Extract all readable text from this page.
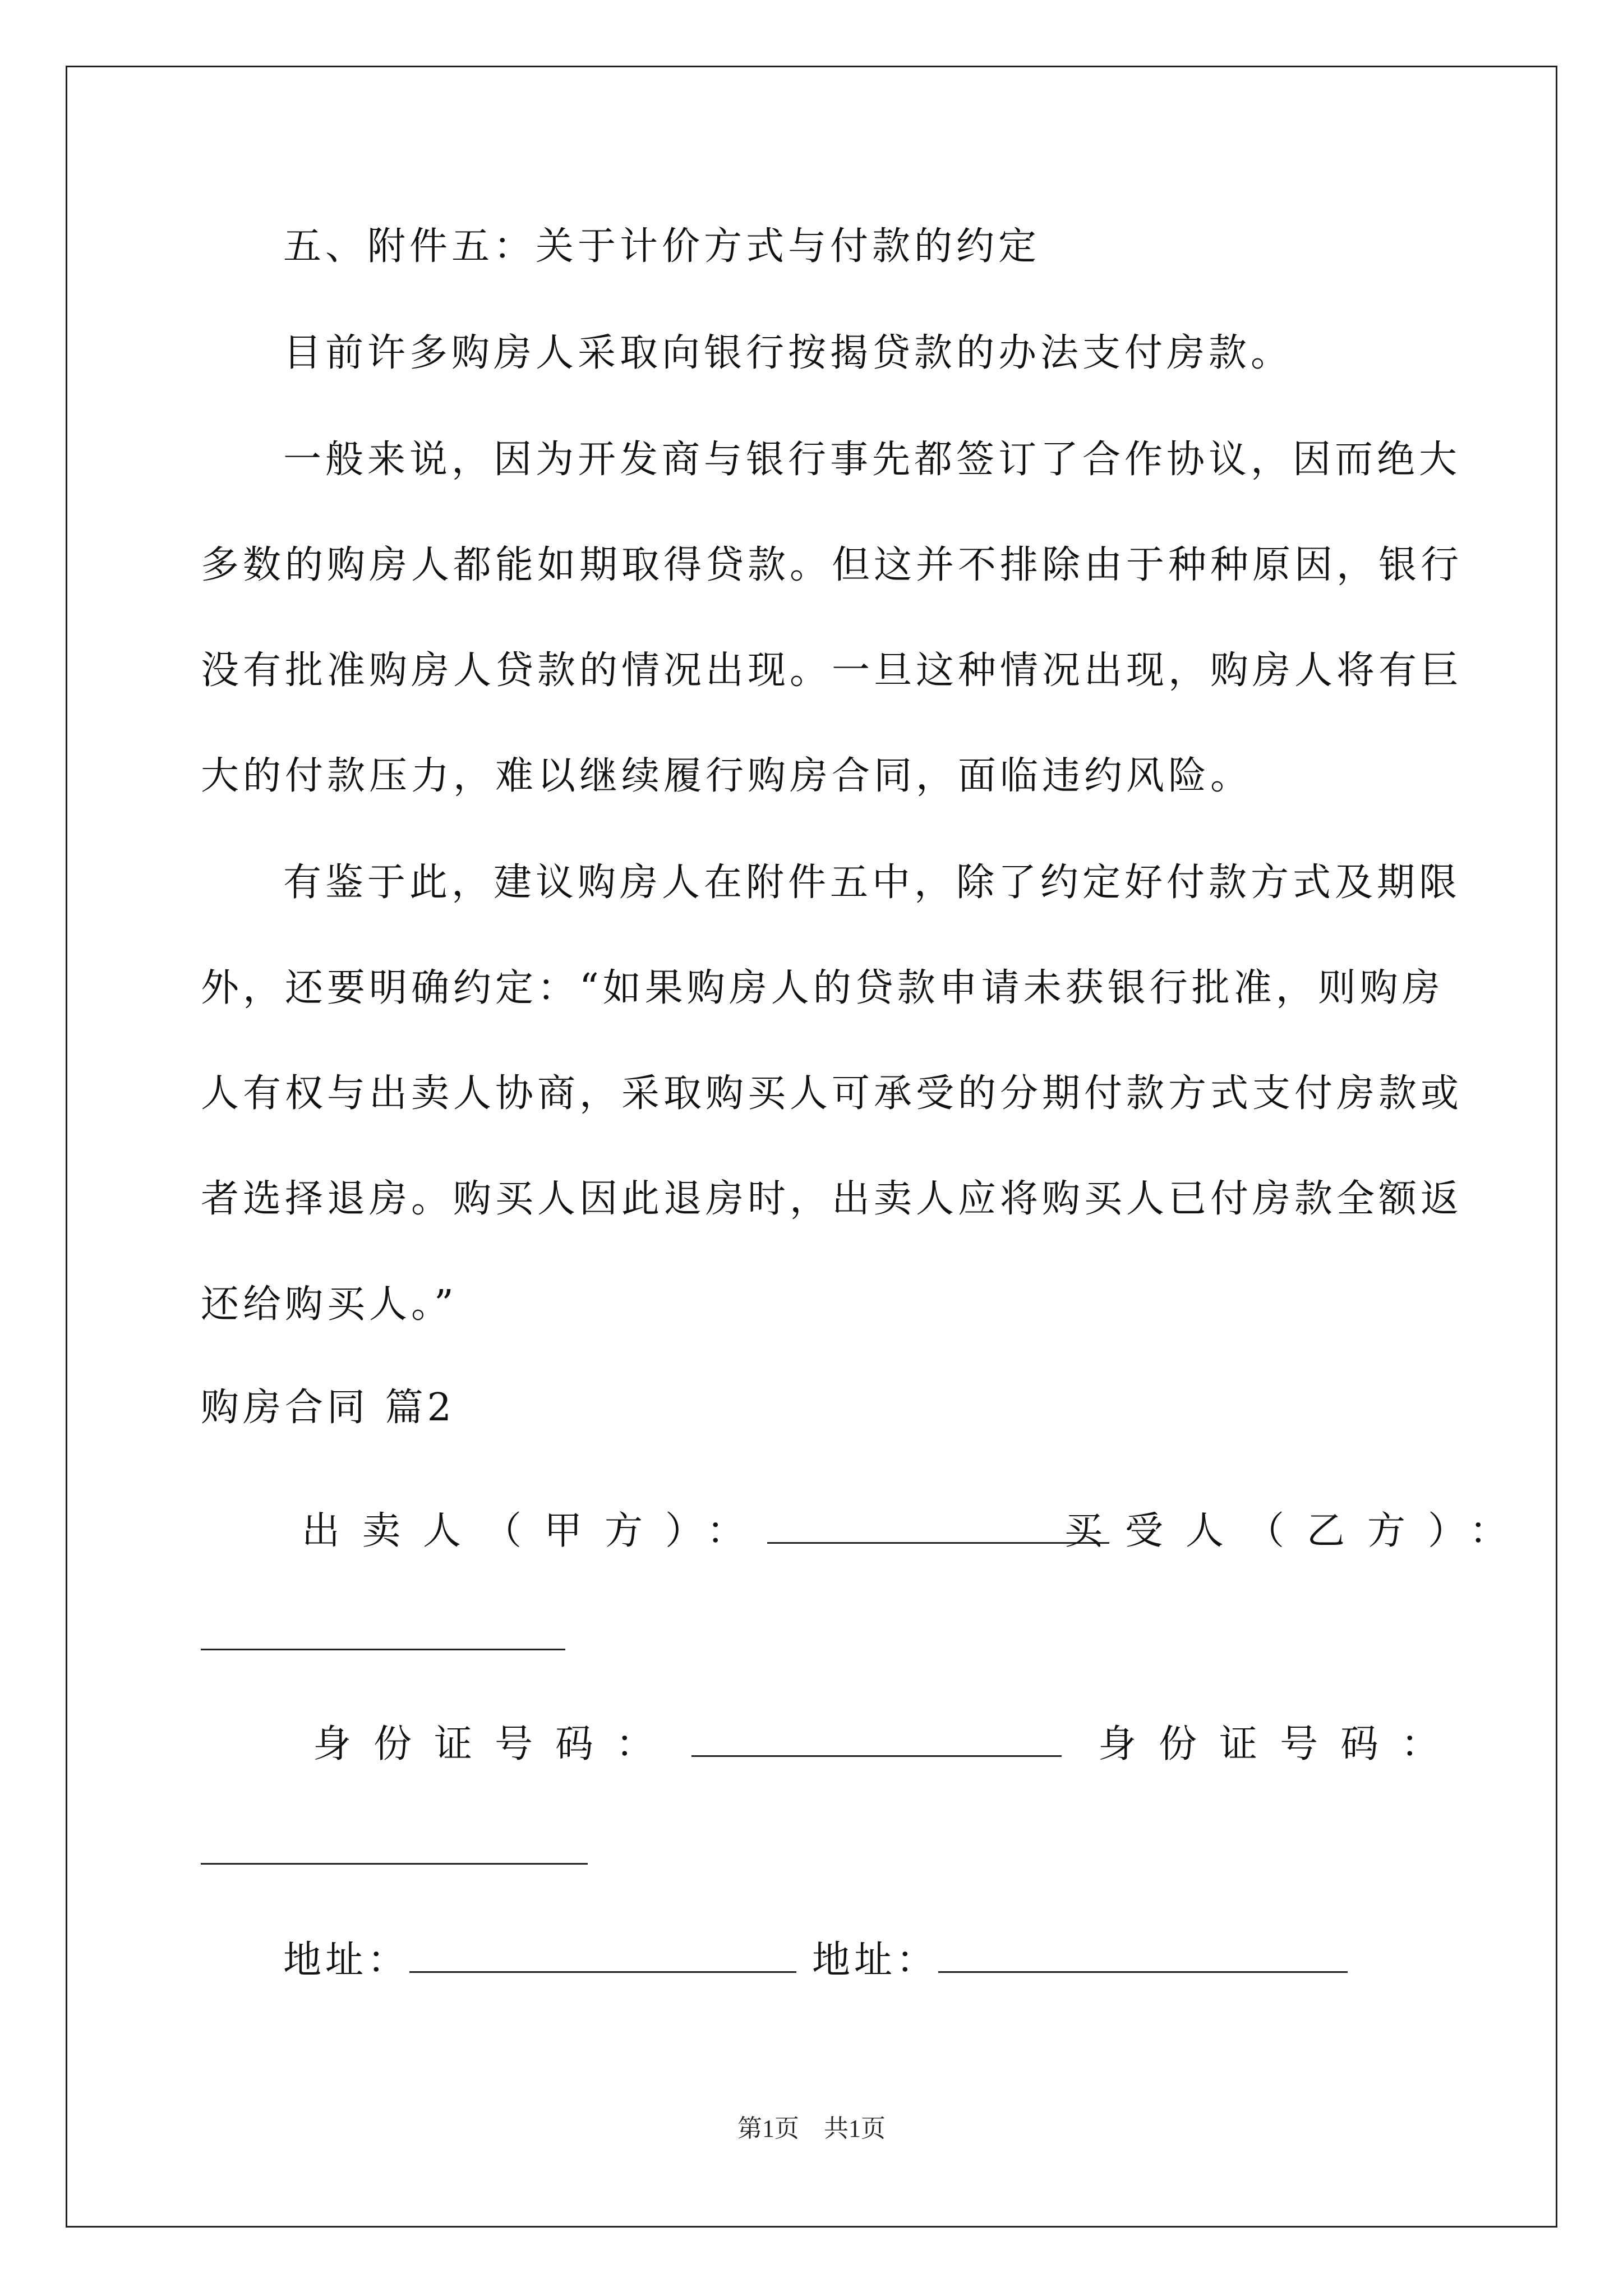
五、附件五：关于计价方式与付款的约定
目前许多购房人采取向银行按揭贷款的办法支付房款。
一般来说，因为开发商与银行事先都签订了合作协议，因而绝大
多数的购房人都能如期取得贷款。但这并不排除由于种种原因，银行
没有批准购房人贷款的情况出现。一旦这种情况出现，购房人将有巨
大的付款压力，难以继续履行购房合同，面临违约风险。
有鉴于此，建议购房人在附件五中，除了约定好付款方式及期限
外，还要明确约定：“如果购房人的贷款申请未获银行批准，则购房
人有权与出卖人协商，采取购买人可承受的分期付款方式支付房款或
者选择退房。购买人因此退房时，出卖人应将购买人已付房款全额返
还给购买人。”
购房合同 篇2
出卖人（甲方）：	买受人（乙方）：
身份证号码：	身份证号码：
地址：	地址：
第1页　共1页
